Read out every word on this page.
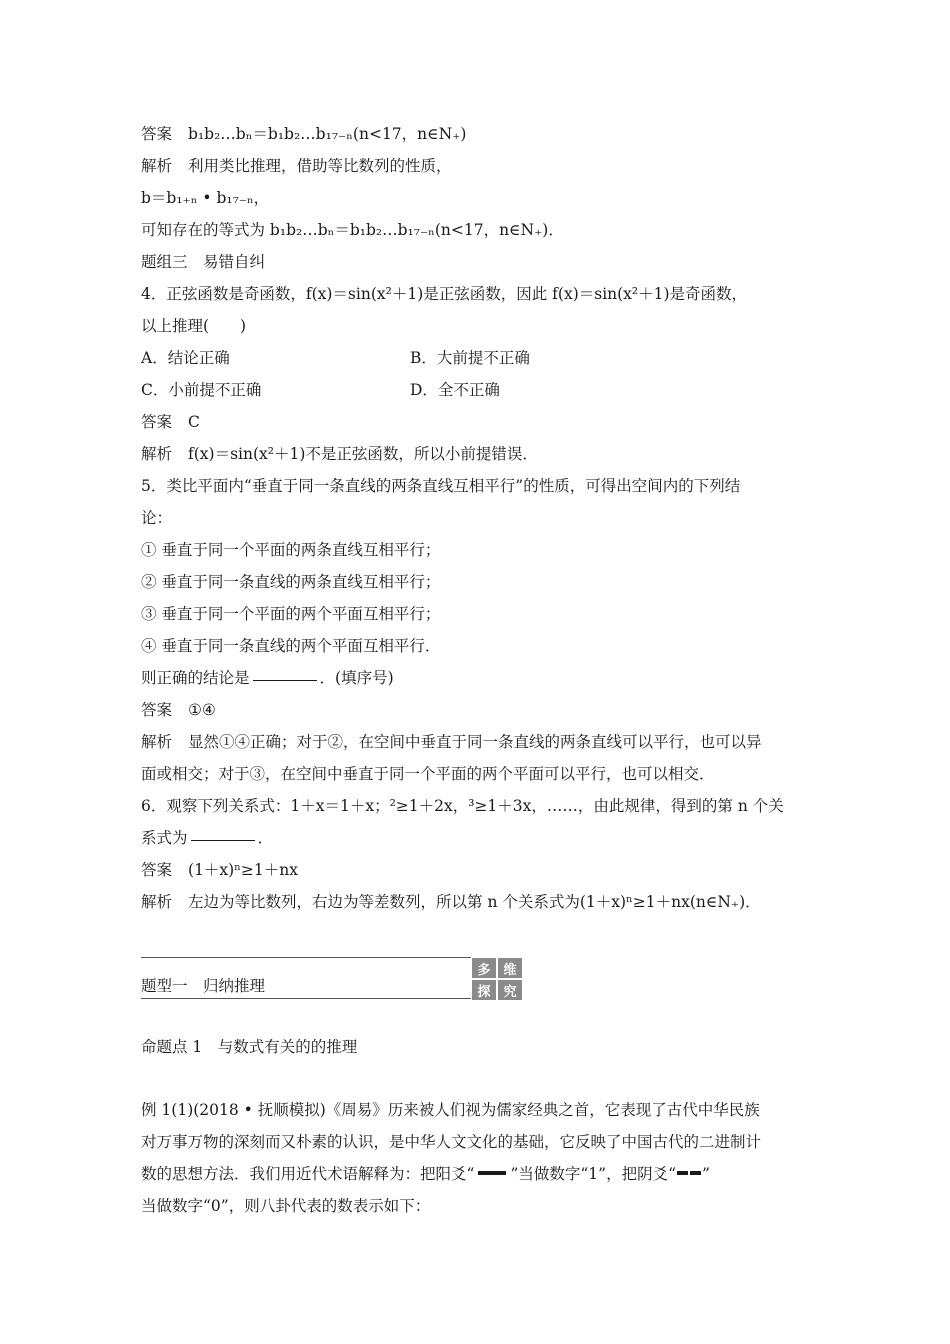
答案 b₁b₂…bₙ＝b₁b₂…b₁₇₋ₙ(n<17，n∈N₊)
解析 利用类比推理，借助等比数列的性质，
b＝b₁₊ₙ • b₁₇₋ₙ，
可知存在的等式为 b₁b₂…bₙ＝b₁b₂…b₁₇₋ₙ(n<17，n∈N₊)．
题组三　易错自纠
4．正弦函数是奇函数，f(x)＝sin(x²＋1)是正弦函数，因此 f(x)＝sin(x²＋1)是奇函数，
以上推理(　　)
A．结论正确	B．大前提不正确
C．小前提不正确	D．全不正确
答案 C
解析 f(x)＝sin(x²＋1)不是正弦函数，所以小前提错误．
5．类比平面内“垂直于同一条直线的两条直线互相平行”的性质，可得出空间内的下列结
论：
① 垂直于同一个平面的两条直线互相平行；
② 垂直于同一条直线的两条直线互相平行；
③ 垂直于同一个平面的两个平面互相平行；
④ 垂直于同一条直线的两个平面互相平行．
则正确的结论是	．(填序号)
答案 ①④
解析 显然①④正确；对于②，在空间中垂直于同一条直线的两条直线可以平行，也可以异
面或相交；对于③，在空间中垂直于同一个平面的两个平面可以平行，也可以相交．
6．观察下列关系式：1＋x＝1＋x；²≥1＋2x，³≥1＋3x，……，由此规律，得到的第 n 个关
系式为	．
答案 (1＋x)ⁿ≥1＋nx
解析 左边为等比数列，右边为等差数列，所以第 n 个关系式为(1＋x)ⁿ≥1＋nx(n∈N₊)．
题型一　归纳推理
多 维
探 究
命题点 1　与数式有关的的推理
例 1(1)(2018 • 抚顺模拟)《周易》历来被人们视为儒家经典之首，它表现了古代中华民族
对万事万物的深刻而又朴素的认识，是中华人文文化的基础，它反映了中国古代的二进制计
数的思想方法．我们用近代术语解释为：把阳爻“ ”当做数字“1”，把阴爻“ ”
当做数字“0”，则八卦代表的数表示如下：
